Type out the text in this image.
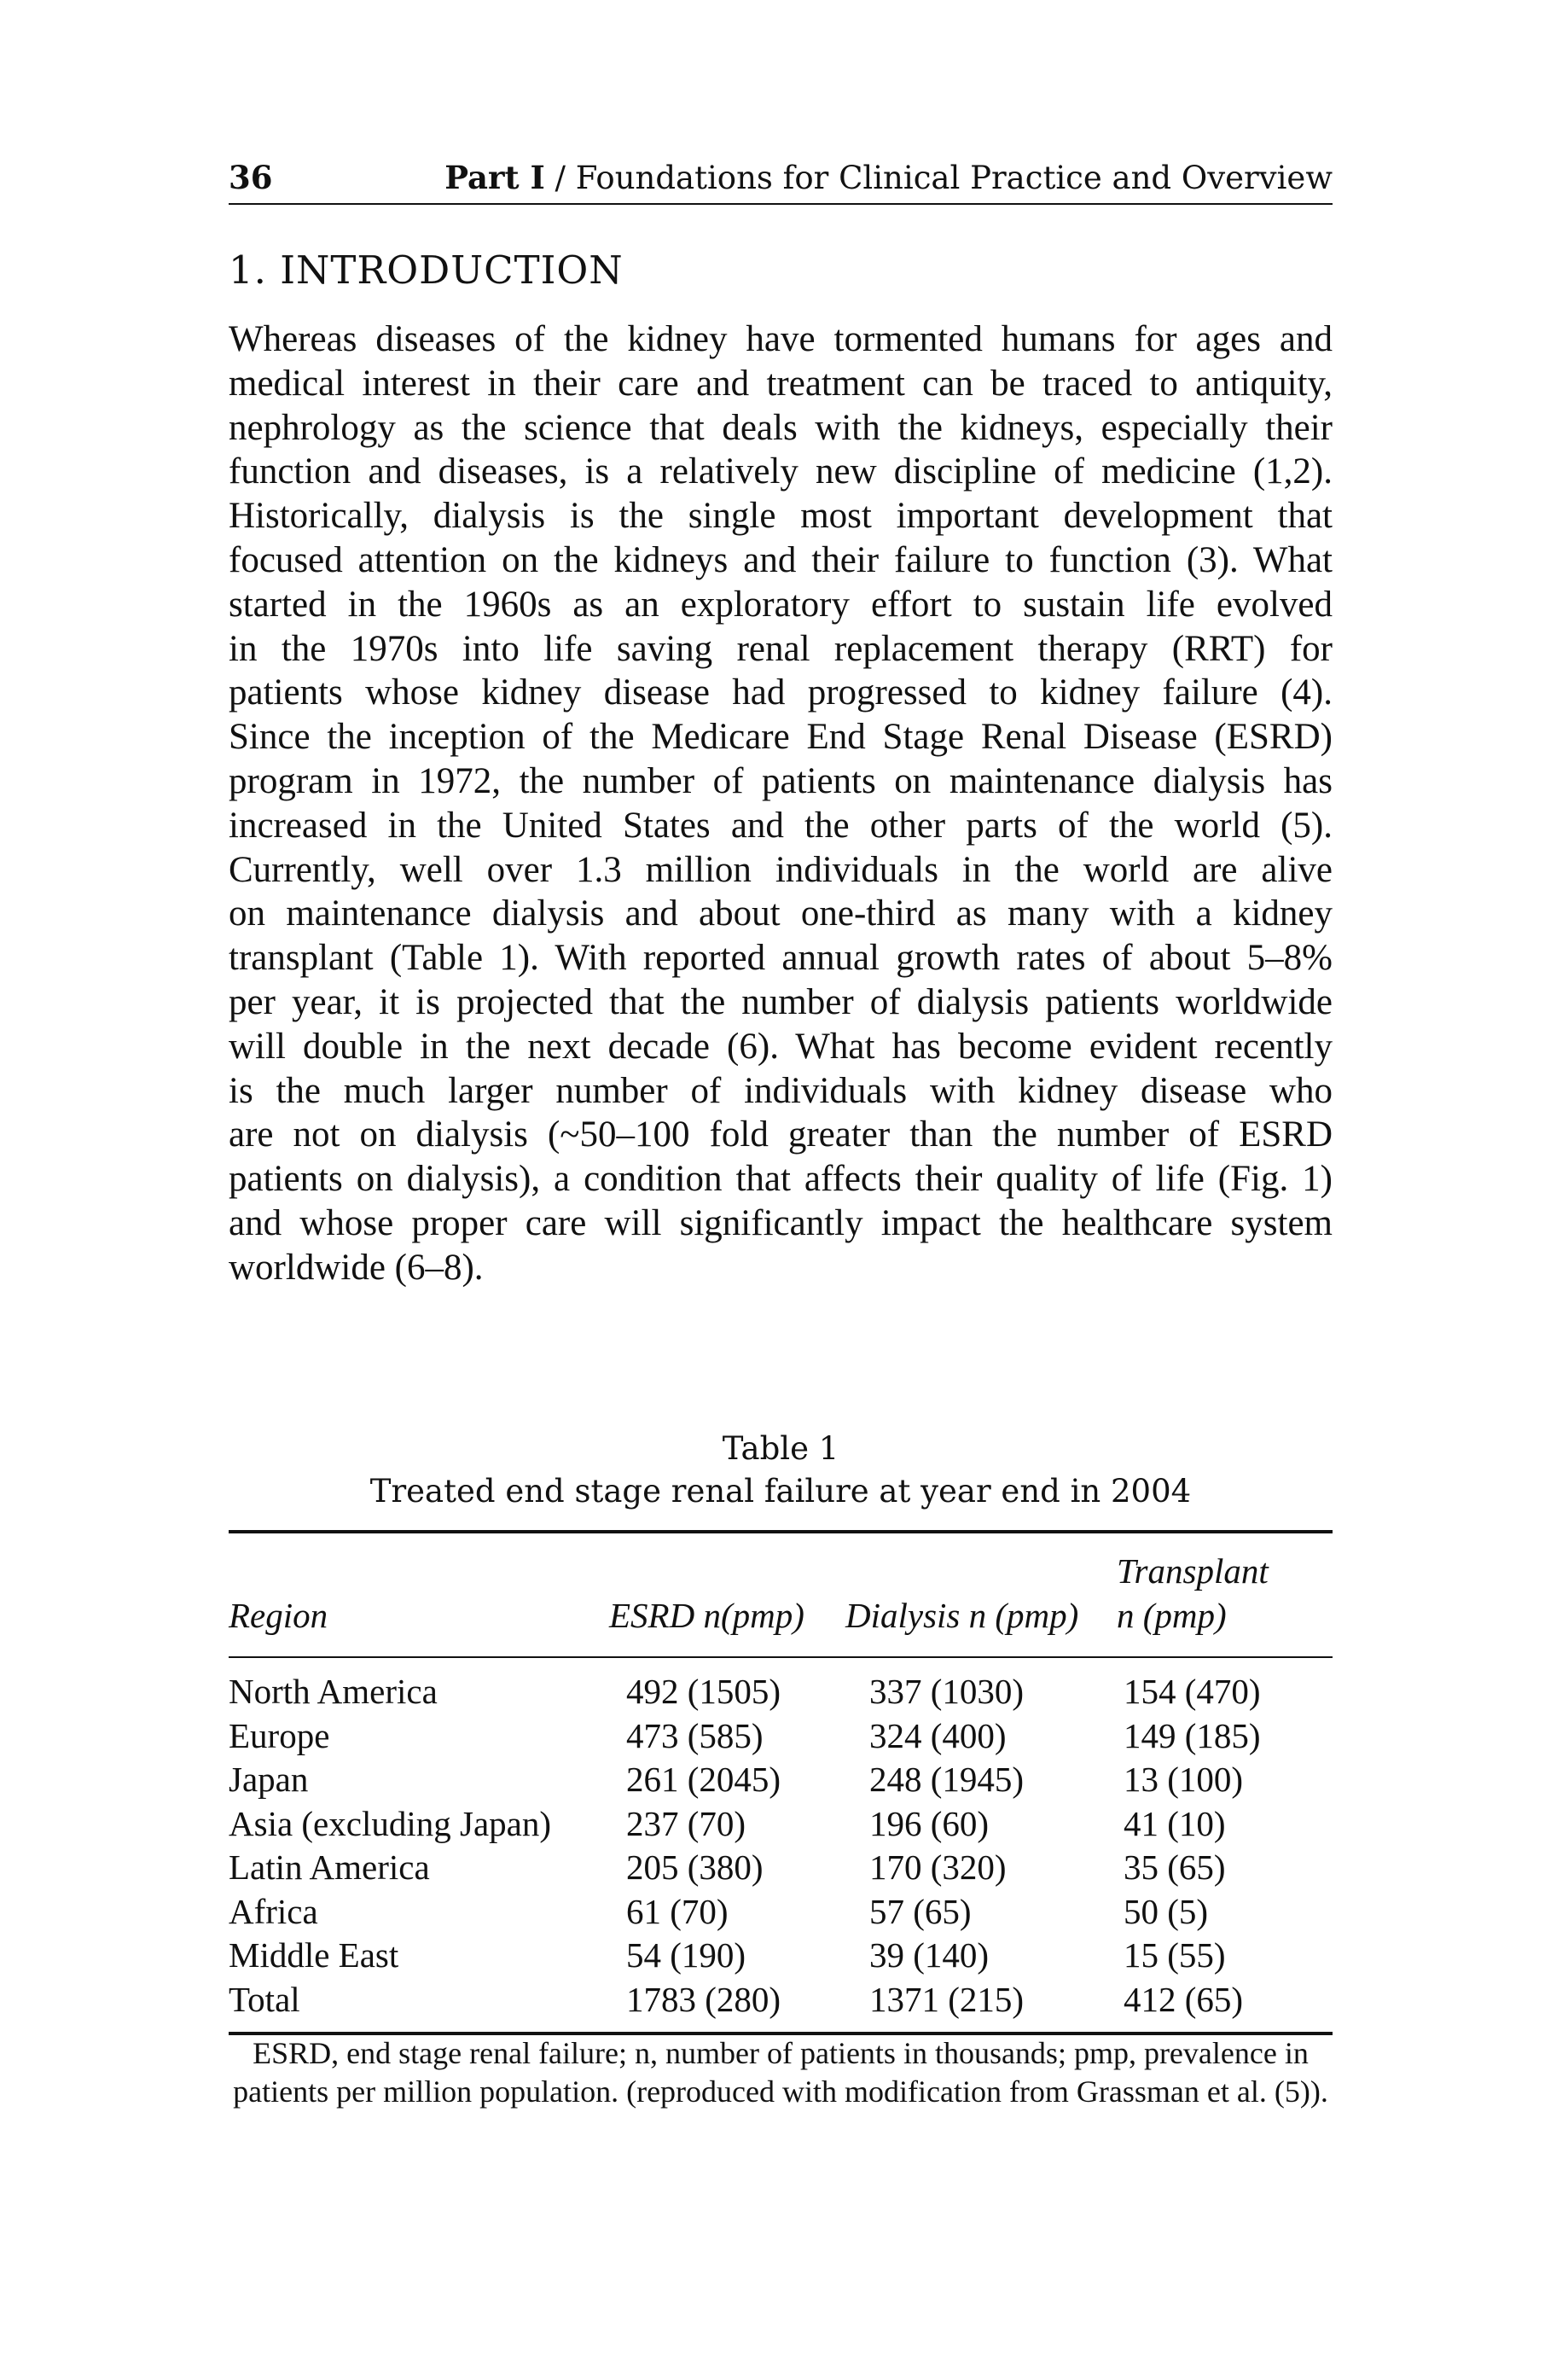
36	Part I / Foundations for Clinical Practice and Overview
1. INTRODUCTION
Whereas diseases of the kidney have tormented humans for ages and
medical interest in their care and treatment can be traced to antiquity,
nephrology as the science that deals with the kidneys, especially their
function and diseases, is a relatively new discipline of medicine (1,2).
Historically, dialysis is the single most important development that
focused attention on the kidneys and their failure to function (3). What
started in the 1960s as an exploratory effort to sustain life evolved
in the 1970s into life saving renal replacement therapy (RRT) for
patients whose kidney disease had progressed to kidney failure (4).
Since the inception of the Medicare End Stage Renal Disease (ESRD)
program in 1972, the number of patients on maintenance dialysis has
increased in the United States and the other parts of the world (5).
Currently, well over 1.3 million individuals in the world are alive
on maintenance dialysis and about one-third as many with a kidney
transplant (Table 1). With reported annual growth rates of about 5–8%
per year, it is projected that the number of dialysis patients worldwide
will double in the next decade (6). What has become evident recently
is the much larger number of individuals with kidney disease who
are not on dialysis (~50–100 fold greater than the number of ESRD
patients on dialysis), a condition that affects their quality of life (Fig. 1)
and whose proper care will significantly impact the healthcare system
worldwide (6–8).
Table 1
Treated end stage renal failure at year end in 2004
Region	ESRD n(pmp)	Dialysis n (pmp)	Transplant
n (pmp)
North America	492 (1505)	337 (1030)	154 (470)
Europe	473 (585)	324 (400)	149 (185)
Japan	261 (2045)	248 (1945)	13 (100)
Asia (excluding Japan)	237 (70)	196 (60)	41 (10)
Latin America	205 (380)	170 (320)	35 (65)
Africa	61 (70)	57 (65)	50 (5)
Middle East	54 (190)	39 (140)	15 (55)
Total	1783 (280)	1371 (215)	412 (65)
ESRD, end stage renal failure; n, number of patients in thousands; pmp, prevalence in
patients per million population. (reproduced with modification from Grassman et al. (5)).
